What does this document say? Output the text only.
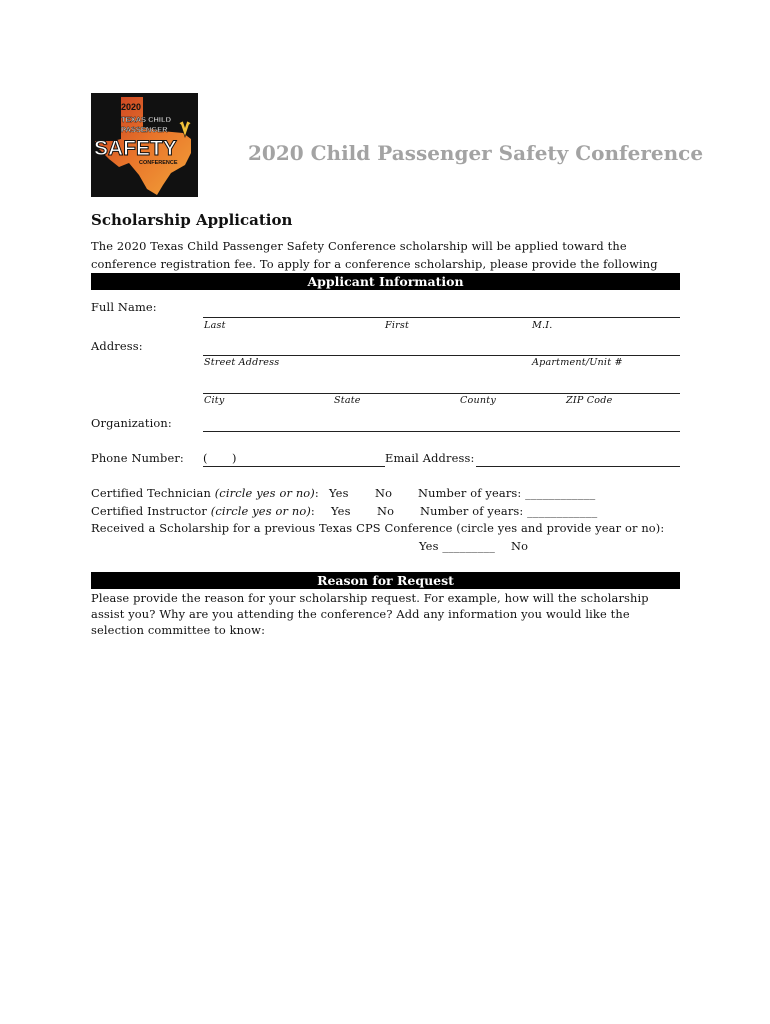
2020
TEXAS CHILD
PASSENGER
SAFETY
CONFERENCE	2020 Child Passenger Safety Conference
Scholarship Application
The 2020 Texas Child Passenger Safety Conference scholarship will be applied toward the conference registration fee. To apply for a conference scholarship, please provide the following
Applicant Information
Full Name:
Last	First	M.I.
Address:
Street Address	Apartment/Unit #
City	State	County	ZIP Code
Organization:
Phone Number: ( )	Email Address:
Certified Technician (circle yes or no): Yes No Number of years: ____________
Certified Instructor (circle yes or no): Yes No Number of years: ____________
Received a Scholarship for a previous Texas CPS Conference (circle yes and provide year or no):
Yes _________ No
Reason for Request
Please provide the reason for your scholarship request. For example, how will the scholarship assist you? Why are you attending the conference? Add any information you would like the selection committee to know:
